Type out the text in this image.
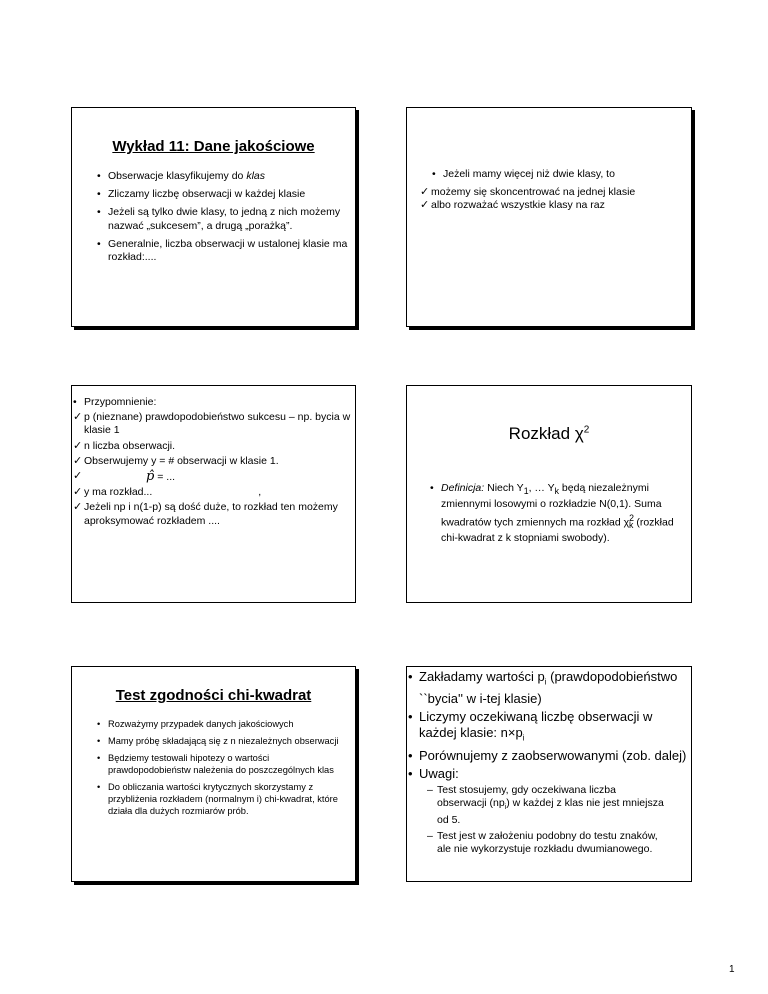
Wykład 11: Dane jakościowe
• Obserwacje klasyfikujemy do klas
• Zliczamy liczbę obserwacji w każdej klasie
• Jeżeli są tylko dwie klasy, to jedną z nich możemy nazwać „sukcesem”, a drugą „porażką”.
• Generalnie, liczba obserwacji w ustalonej klasie ma rozkład:....
• Jeżeli mamy więcej niż dwie klasy, to
✓ możemy się skoncentrować na jednej klasie
✓ albo rozważać wszystkie klasy na raz
• Przypomnienie:
✓ p (nieznane) prawdopodobieństwo sukcesu – np. bycia w klasie 1
✓ n liczba obserwacji.
✓ Obserwujemy y = # obserwacji w klasie 1.
✓ p̂ = ...
✓ y ma rozkład...	,
✓ Jeżeli np i n(1-p) są dość duże, to rozkład ten możemy aproksymować rozkładem ....
Rozkład $\chi^2$
• Definicja: Niech $Y_1$, … $Y_k$ będą niezależnymi zmiennymi losowymi o rozkładzie N(0,1). Suma kwadratów tych zmiennych ma rozkład $\chi^2_k$ (rozkład chi-kwadrat z k stopniami swobody).
Test zgodności chi-kwadrat
• Rozważymy przypadek danych jakościowych
• Mamy próbę składającą się z n niezależnych obserwacji
• Będziemy testowali hipotezy o wartości prawdopodobieństw należenia do poszczególnych klas
• Do obliczania wartości krytycznych skorzystamy z przybliżenia rozkładem (normalnym i) chi-kwadrat, które działa dla dużych rozmiarów prób.
• Zakładamy wartości $p_i$ (prawdopodobieństwo ``bycia'' w i-tej klasie)
• Liczymy oczekiwaną liczbę obserwacji w każdej klasie: $n\times p_i$
• Porównujemy z zaobserwowanymi (zob. dalej)
• Uwagi:
– Test stosujemy, gdy oczekiwana liczba obserwacji $(np_i)$ w każdej z klas nie jest mniejsza od 5.
– Test jest w założeniu podobny do testu znaków, ale nie wykorzystuje rozkładu dwumianowego.
1
